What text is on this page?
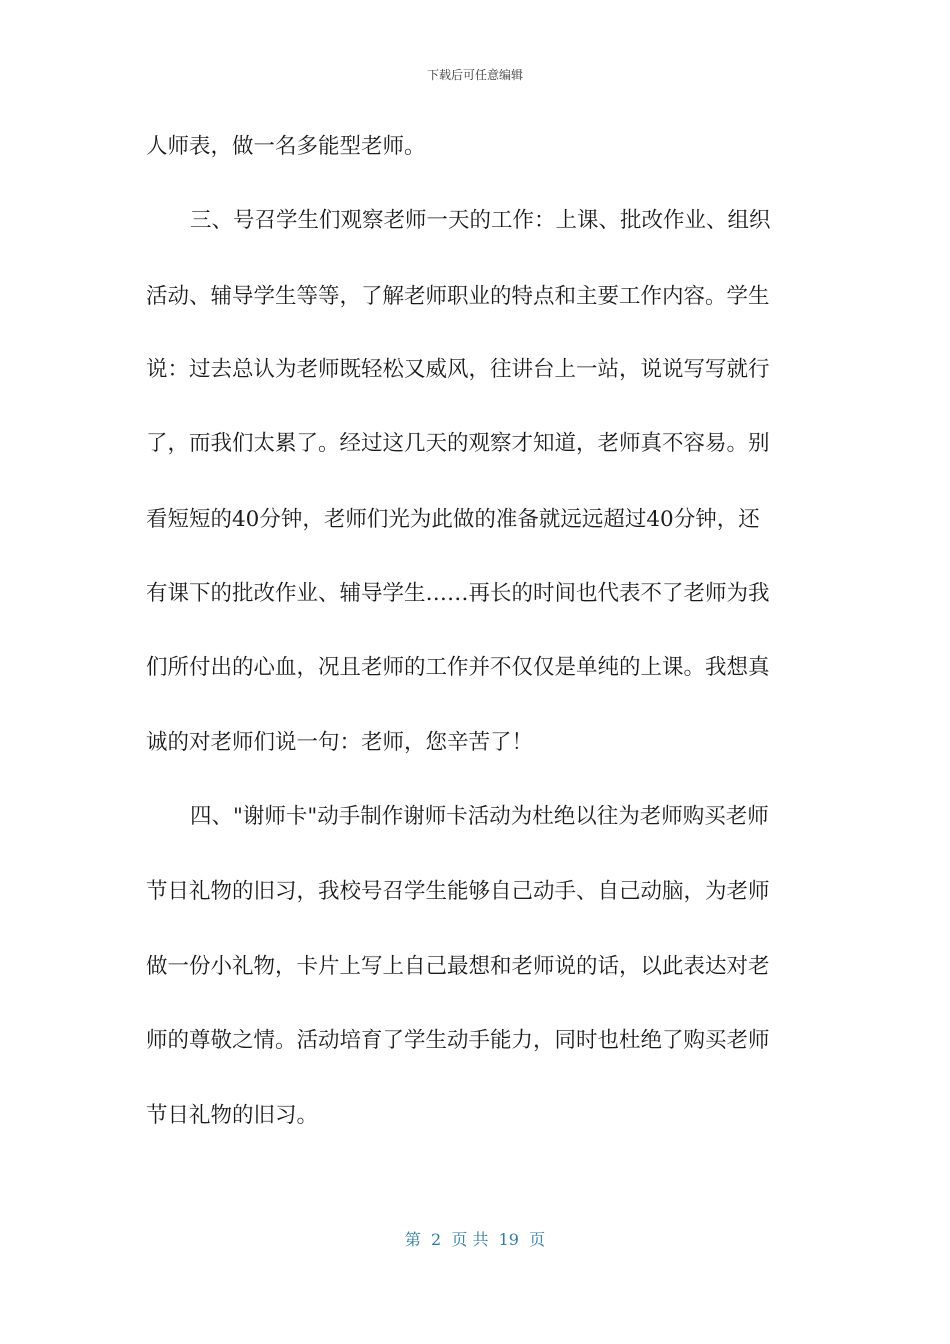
下载后可任意编辑
人师表，做一名多能型老师。
三、号召学生们观察老师一天的工作：上课、批改作业、组织
活动、辅导学生等等，了解老师职业的特点和主要工作内容。学生
说：过去总认为老师既轻松又威风，往讲台上一站，说说写写就行
了，而我们太累了。经过这几天的观察才知道，老师真不容易。别
看短短的40分钟，老师们光为此做的准备就远远超过40分钟，还
有课下的批改作业、辅导学生……再长的时间也代表不了老师为我
们所付出的心血，况且老师的工作并不仅仅是单纯的上课。我想真
诚的对老师们说一句：老师，您辛苦了！
四、"谢师卡"动手制作谢师卡活动为杜绝以往为老师购买老师
节日礼物的旧习，我校号召学生能够自己动手、自己动脑，为老师
做一份小礼物，卡片上写上自己最想和老师说的话，以此表达对老
师的尊敬之情。活动培育了学生动手能力，同时也杜绝了购买老师
节日礼物的旧习。
第  2  页 共  19  页
